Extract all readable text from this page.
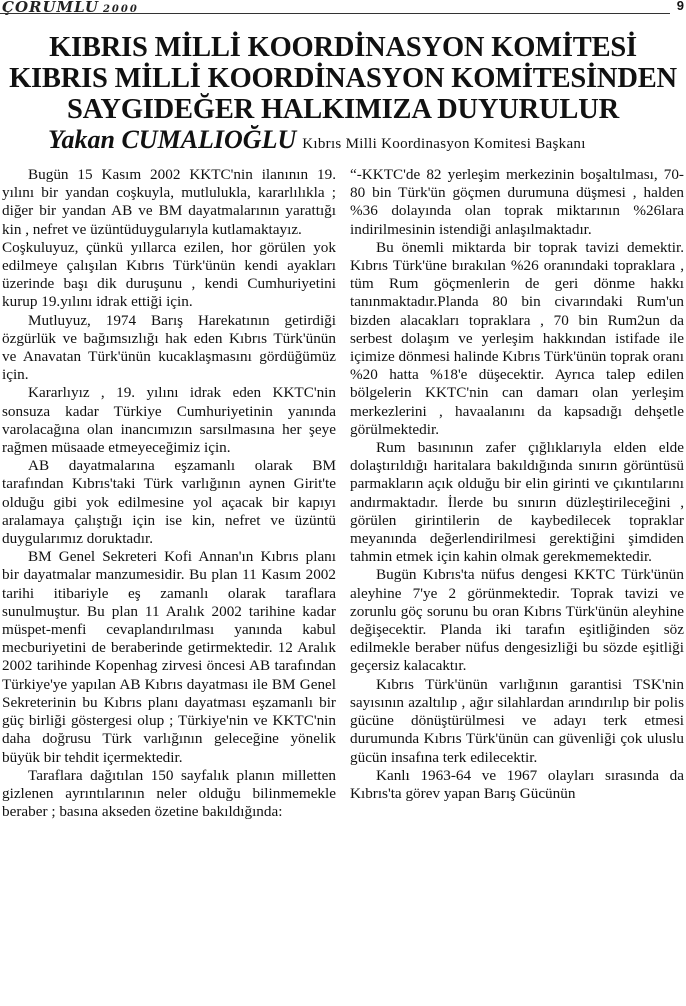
ÇORUMLU 2000	9
KIBRIS MİLLİ KOORDİNASYON KOMİTESİ
KIBRIS MİLLİ KOORDİNASYON KOMİTESİNDEN
SAYGIDEĞER HALKIMIZA DUYURULUR
Yakan CUMALIOĞLU Kıbrıs Milli Koordinasyon Komitesi Başkanı

Bugün 15 Kasım 2002 KKTC'nin ilanının 19. yılını bir yandan coşkuyla, mutlulukla, kararlılıkla ; diğer bir yandan AB ve BM dayatmalarının yarattığı kin , nefret ve üzüntüduygularıyla kutlamaktayız.

Coşkuluyuz, çünkü yıllarca ezilen, hor görülen yok edilmeye çalışılan Kıbrıs Türk'ünün kendi ayakları üzerinde başı dik duruşunu , kendi Cumhuriyetini kurup 19.yılını idrak ettiği için.

Mutluyuz, 1974 Barış Harekatının getirdiği özgürlük ve bağımsızlığı hak eden Kıbrıs Türk'ünün ve Anavatan Türk'ünün kucaklaşmasını gördüğümüz için.

Kararlıyız , 19. yılını idrak eden KKTC'nin sonsuza kadar Türkiye Cumhuriyetinin yanında varolacağına olan inancımızın sarsılmasına her şeye rağmen müsaade etmeyeceğimiz için.

AB dayatmalarına eşzamanlı olarak BM tarafından Kıbrıs'taki Türk varlığının aynen Girit'te olduğu gibi yok edilmesine yol açacak bir kapıyı aralamaya çalıştığı için ise kin, nefret ve üzüntü duygularımız doruktadır.

BM Genel Sekreteri Kofi Annan'ın Kıbrıs planı bir dayatmalar manzumesidir. Bu plan 11 Kasım 2002 tarihi itibariyle eş zamanlı olarak taraflara sunulmuştur. Bu plan 11 Aralık 2002 tarihine kadar müspet-menfi cevaplandırılması yanında kabul mecburiyetini de beraberinde getirmektedir. 12 Aralık 2002 tarihinde Kopenhag zirvesi öncesi AB tarafından Türkiye'ye yapılan AB Kıbrıs dayatması ile BM Genel Sekreterinin bu Kıbrıs planı dayatması eşzamanlı bir güç birliği göstergesi olup ; Türkiye'nin ve KKTC'nin daha doğrusu Türk varlığının geleceğine yönelik büyük bir tehdit içermektedir.

Taraflara dağıtılan 150 sayfalık planın milletten gizlenen ayrıntılarının neler olduğu bilinmemekle beraber ; basına akseden özetine bakıldığında:

“-KKTC'de 82 yerleşim merkezinin boşaltılması, 70-80 bin Türk'ün göçmen durumuna düşmesi , halden %36 dolayında olan toprak miktarının %26lara indirilmesinin istendiği anlaşılmaktadır.

Bu önemli miktarda bir toprak tavizi demektir. Kıbrıs Türk'üne bırakılan %26 oranındaki topraklara , tüm Rum göçmenlerin de geri dönme hakkı tanınmaktadır.Planda 80 bin civarındaki Rum'un bizden alacakları topraklara , 70 bin Rum2un da serbest dolaşım ve yerleşim hakkından istifade ile içimize dönmesi halinde Kıbrıs Türk'ünün toprak oranı %20 hatta %18'e düşecektir. Ayrıca talep edilen bölgelerin KKTC'nin can damarı olan yerleşim merkezlerini , havaalanını da kapsadığı dehşetle görülmektedir.

Rum basınının zafer çığlıklarıyla elden elde dolaştırıldığı haritalara bakıldığında sınırın görüntüsü parmakların açık olduğu bir elin girinti ve çıkıntılarını andırmaktadır. İlerde bu sınırın düzleştirileceğini , görülen girintilerin de kaybedilecek topraklar meyanında değerlendirilmesi gerektiğini şimdiden tahmin etmek için kahin olmak gerekmemektedir.

Bugün Kıbrıs'ta nüfus dengesi KKTC Türk'ünün aleyhine 7'ye 2 görünmektedir. Toprak tavizi ve zorunlu göç sorunu bu oran Kıbrıs Türk'ünün aleyhine değişecektir. Planda iki tarafın eşitliğinden söz edilmekle beraber nüfus dengesizliği bu sözde eşitliği geçersiz kalacaktır.

Kıbrıs Türk'ünün varlığının garantisi TSK'nin sayısının azaltılıp , ağır silahlardan arındırılıp bir polis gücüne dönüştürülmesi ve adayı terk etmesi durumunda Kıbrıs Türk'ünün can güvenliği çok uluslu gücün insafına terk edilecektir.

Kanlı 1963-64 ve 1967 olayları sırasında da Kıbrıs'ta görev yapan Barış Gücünün
